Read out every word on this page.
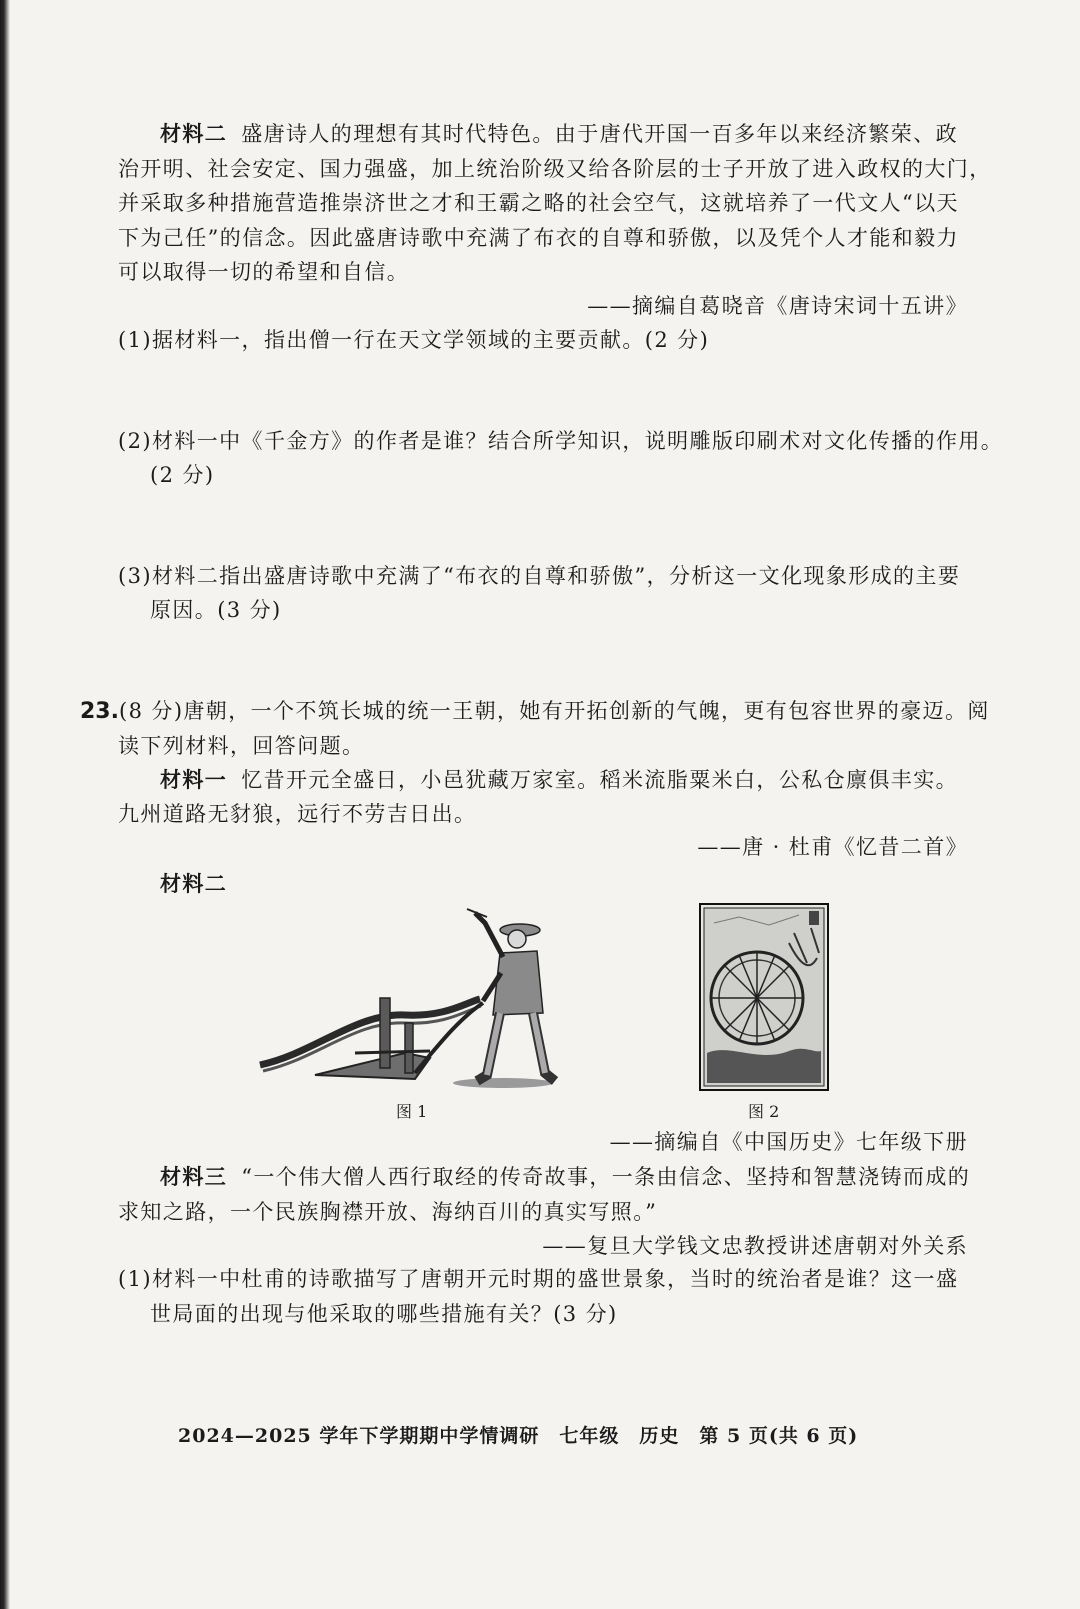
材料二 盛唐诗人的理想有其时代特色。由于唐代开国一百多年以来经济繁荣、政
治开明、社会安定、国力强盛，加上统治阶级又给各阶层的士子开放了进入政权的大门，
并采取多种措施营造推崇济世之才和王霸之略的社会空气，这就培养了一代文人“以天
下为己任”的信念。因此盛唐诗歌中充满了布衣的自尊和骄傲，以及凭个人才能和毅力
可以取得一切的希望和自信。
——摘编自葛晓音《唐诗宋词十五讲》
(1)据材料一，指出僧一行在天文学领域的主要贡献。(2 分)
(2)材料一中《千金方》的作者是谁？结合所学知识，说明雕版印刷术对文化传播的作用。
(2 分)
(3)材料二指出盛唐诗歌中充满了“布衣的自尊和骄傲”，分析这一文化现象形成的主要
原因。(3 分)
23.(8 分)唐朝，一个不筑长城的统一王朝，她有开拓创新的气魄，更有包容世界的豪迈。阅
读下列材料，回答问题。
材料一 忆昔开元全盛日，小邑犹藏万家室。稻米流脂粟米白，公私仓廪俱丰实。
九州道路无豺狼，远行不劳吉日出。
——唐 · 杜甫《忆昔二首》
材料二
图 1	图 2
——摘编自《中国历史》七年级下册
材料三 “一个伟大僧人西行取经的传奇故事，一条由信念、坚持和智慧浇铸而成的
求知之路，一个民族胸襟开放、海纳百川的真实写照。”
——复旦大学钱文忠教授讲述唐朝对外关系
(1)材料一中杜甫的诗歌描写了唐朝开元时期的盛世景象，当时的统治者是谁？这一盛
世局面的出现与他采取的哪些措施有关？(3 分)
2024—2025 学年下学期期中学情调研　七年级　历史　第 5 页(共 6 页)
